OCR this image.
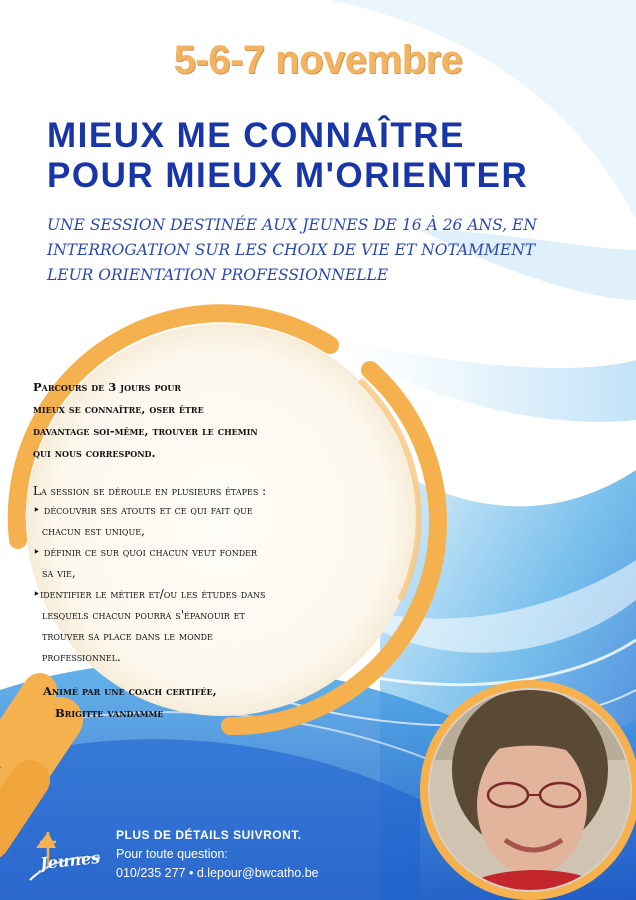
5-6-7 novembre
MIEUX ME CONNAÎTRE
POUR MIEUX M'ORIENTER
UNE SESSION DESTINÉE AUX JEUNES DE 16 À 26 ANS, EN
INTERROGATION SUR LES CHOIX DE VIE ET NOTAMMENT
LEUR ORIENTATION PROFESSIONNELLE
Parcours de 3 jours pour
mieux se connaître, oser être
davantage soi-même, trouver le chemin
qui nous correspond.
La session se déroule en plusieurs étapes :
‣ découvrir ses atouts et ce qui fait que
chacun est unique,
‣ définir ce sur quoi chacun veut fonder
sa vie,
‣identifier le métier et/ou les études dans
lesquels chacun pourra s'épanouir et
trouver sa place dans le monde
professionnel.
Animé par une coach certifée,
Brigitte vandamme
Jeunes
PLUS DE DÉTAILS SUIVRONT.
Pour toute question:
010/235 277 • d.lepour@bwcatho.be
